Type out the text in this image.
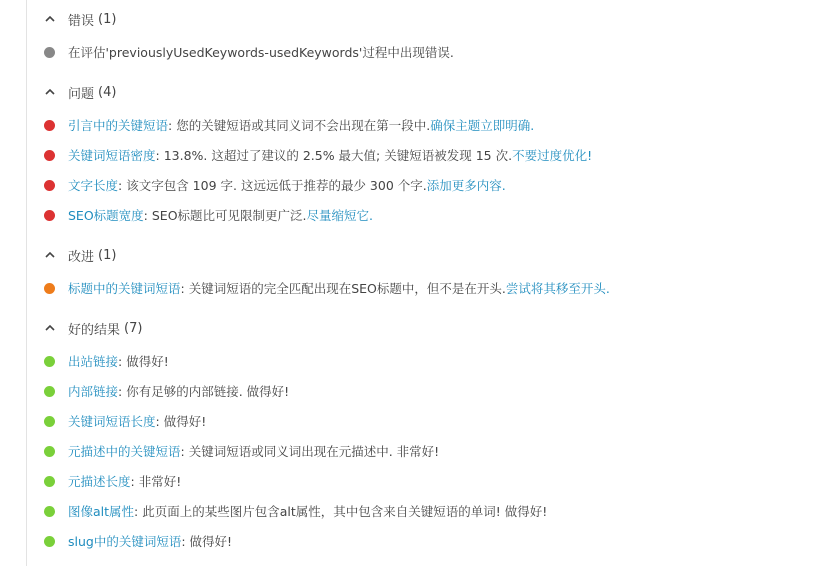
错误 (1)
在评估'previouslyUsedKeywords-usedKeywords'过程中出现错误.
问题 (4)
引言中的关键短语 : 您的关键短语或其同义词不会出现在第一段中. 确保主题立即明确.
关键词短语密度 : 13.8%. 这超过了建议的 2.5% 最大值; 关键短语被发现 15 次. 不要过度优化!
文字长度 : 该文字包含 109 字. 这远远低于推荐的最少 300 个字. 添加更多内容.
SEO标题宽度 : SEO标题比可见限制更广泛. 尽量缩短它.
改进 (1)
标题中的关键词短语 : 关键词短语的完全匹配出现在SEO标题中，但不是在开头. 尝试将其移至开头.
好的结果 (7)
出站链接 : 做得好!
内部链接 : 你有足够的内部链接. 做得好!
关键词短语长度 : 做得好!
元描述中的关键短语 : 关键词短语或同义词出现在元描述中. 非常好!
元描述长度 : 非常好!
图像alt属性 : 此页面上的某些图片包含alt属性，其中包含来自关键短语的单词! 做得好!
slug中的关键词短语 : 做得好!
